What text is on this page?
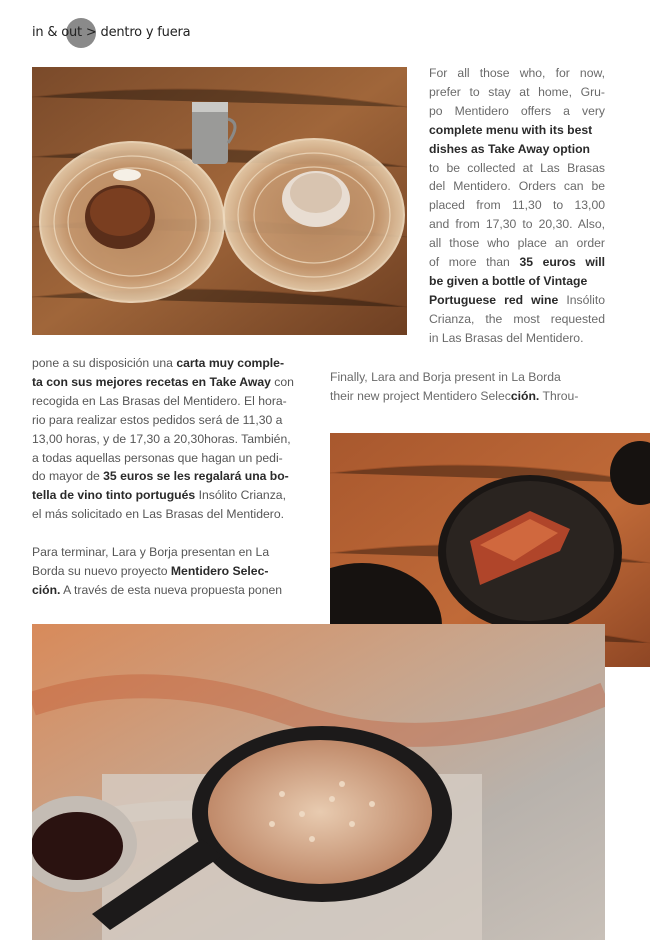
in & out > dentro y fuera
For all those who, for now,
prefer to stay at home, Gru-
po Mentidero offers a very
complete menu with its best
dishes as Take Away option
to be collected at Las Brasas
del Mentidero. Orders can be
placed from 11,30 to 13,00
and from 17,30 to 20,30. Also,
all those who place an order
of more than 35 euros will
be given a bottle of Vintage
Portuguese red wine Insólito
Crianza, the most requested
in Las Brasas del Mentidero.
pone a su disposición una carta muy comple-
ta con sus mejores recetas en Take Away con
recogida en Las Brasas del Mentidero. El hora-
rio para realizar estos pedidos será de 11,30 a
13,00 horas, y de 17,30 a 20,30horas. También,
a todas aquellas personas que hagan un pedi-
do mayor de 35 euros se les regalará una bo-
tella de vino tinto portugués Insólito Crianza,
el más solicitado en Las Brasas del Mentidero.
Para terminar, Lara y Borja presentan en La
Borda su nuevo proyecto Mentidero Selec-
ción. A través de esta nueva propuesta ponen
Finally, Lara and Borja present in La Borda
their new project Mentidero Selección. Throu-
